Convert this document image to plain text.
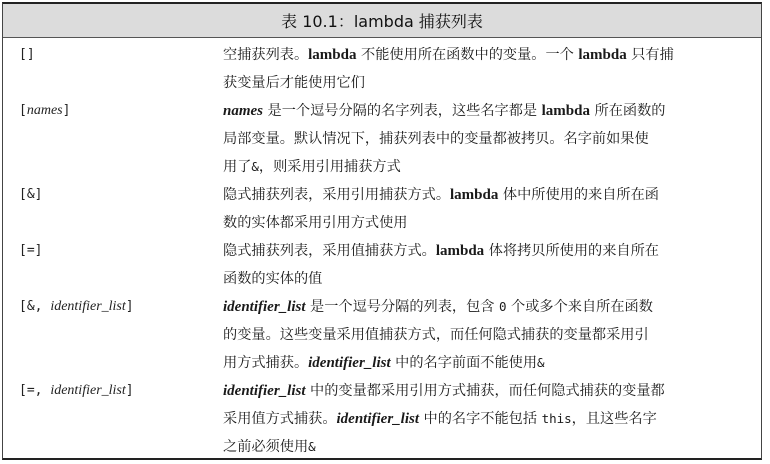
表 10.1：lambda 捕获列表
[]	空捕获列表。lambda 不能使用所在函数中的变量。一个 lambda 只有捕
获变量后才能使用它们
[names]	names 是一个逗号分隔的名字列表，这些名字都是 lambda 所在函数的
局部变量。默认情况下，捕获列表中的变量都被拷贝。名字前如果使
用了&，则采用引用捕获方式
[&]	隐式捕获列表，采用引用捕获方式。lambda 体中所使用的来自所在函
数的实体都采用引用方式使用
[=]	隐式捕获列表，采用值捕获方式。lambda 体将拷贝所使用的来自所在
函数的实体的值
[&, identifier_list]	identifier_list 是一个逗号分隔的列表，包含 0 个或多个来自所在函数
的变量。这些变量采用值捕获方式，而任何隐式捕获的变量都采用引
用方式捕获。identifier_list 中的名字前面不能使用&
[=, identifier_list]	identifier_list 中的变量都采用引用方式捕获，而任何隐式捕获的变量都
采用值方式捕获。identifier_list 中的名字不能包括 this，且这些名字
之前必须使用&
